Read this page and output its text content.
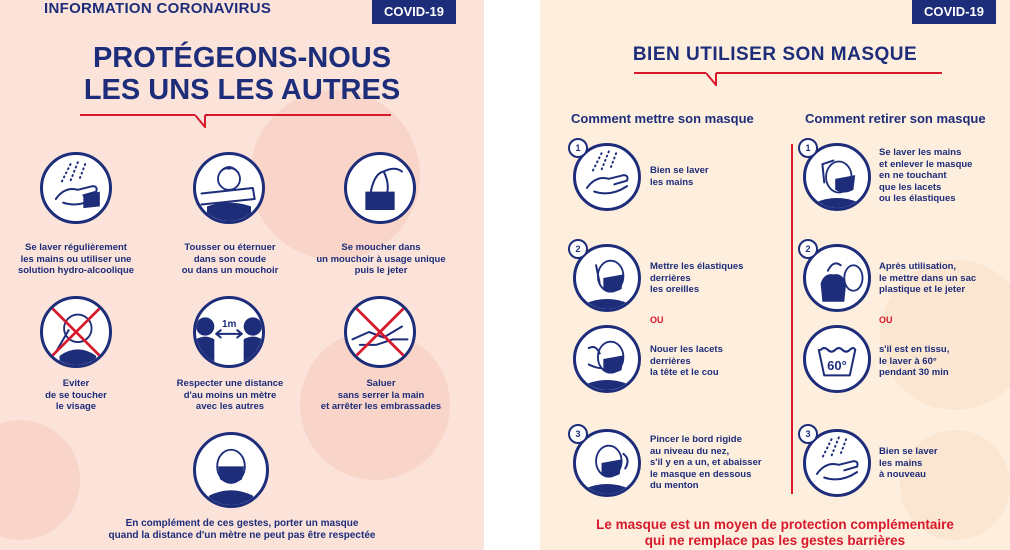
INFORMATION CORONAVIRUS	COVID-19
PROTÉGEONS-NOUS
LES UNS LES AUTRES
Se laver régulièrement
les mains ou utiliser une
solution hydro-alcoolique
Tousser ou éternuer
dans son coude
ou dans un mouchoir
Se moucher dans
un mouchoir à usage unique
puis le jeter
1m
Eviter
de se toucher
le visage
Respecter une distance
d'au moins un mètre
avec les autres
Saluer
sans serrer la main
et arrêter les embrassades
En complément de ces gestes, porter un masque
quand la distance d'un mètre ne peut pas être respectée
COVID-19
BIEN UTILISER SON MASQUE
Comment mettre son masque	Comment retirer son masque
1
Bien se laver
les mains
2
Mettre les élastiques
derrières
les oreilles
OU
Nouer les lacets
derrières
la tête et le cou
3	Pincer le bord rigide
au niveau du nez,
s'il y en a un, et abaisser
le masque en dessous
du menton
1	Se laver les mains
et enlever le masque
en ne touchant
que les lacets
ou les élastiques
2
Après utilisation,
le mettre dans un sac
plastique et le jeter
OU
60°
s'il est en tissu,
le laver à 60°
pendant 30 min
3
Bien se laver
les mains
à nouveau
Le masque est un moyen de protection complémentaire
qui ne remplace pas les gestes barrières
